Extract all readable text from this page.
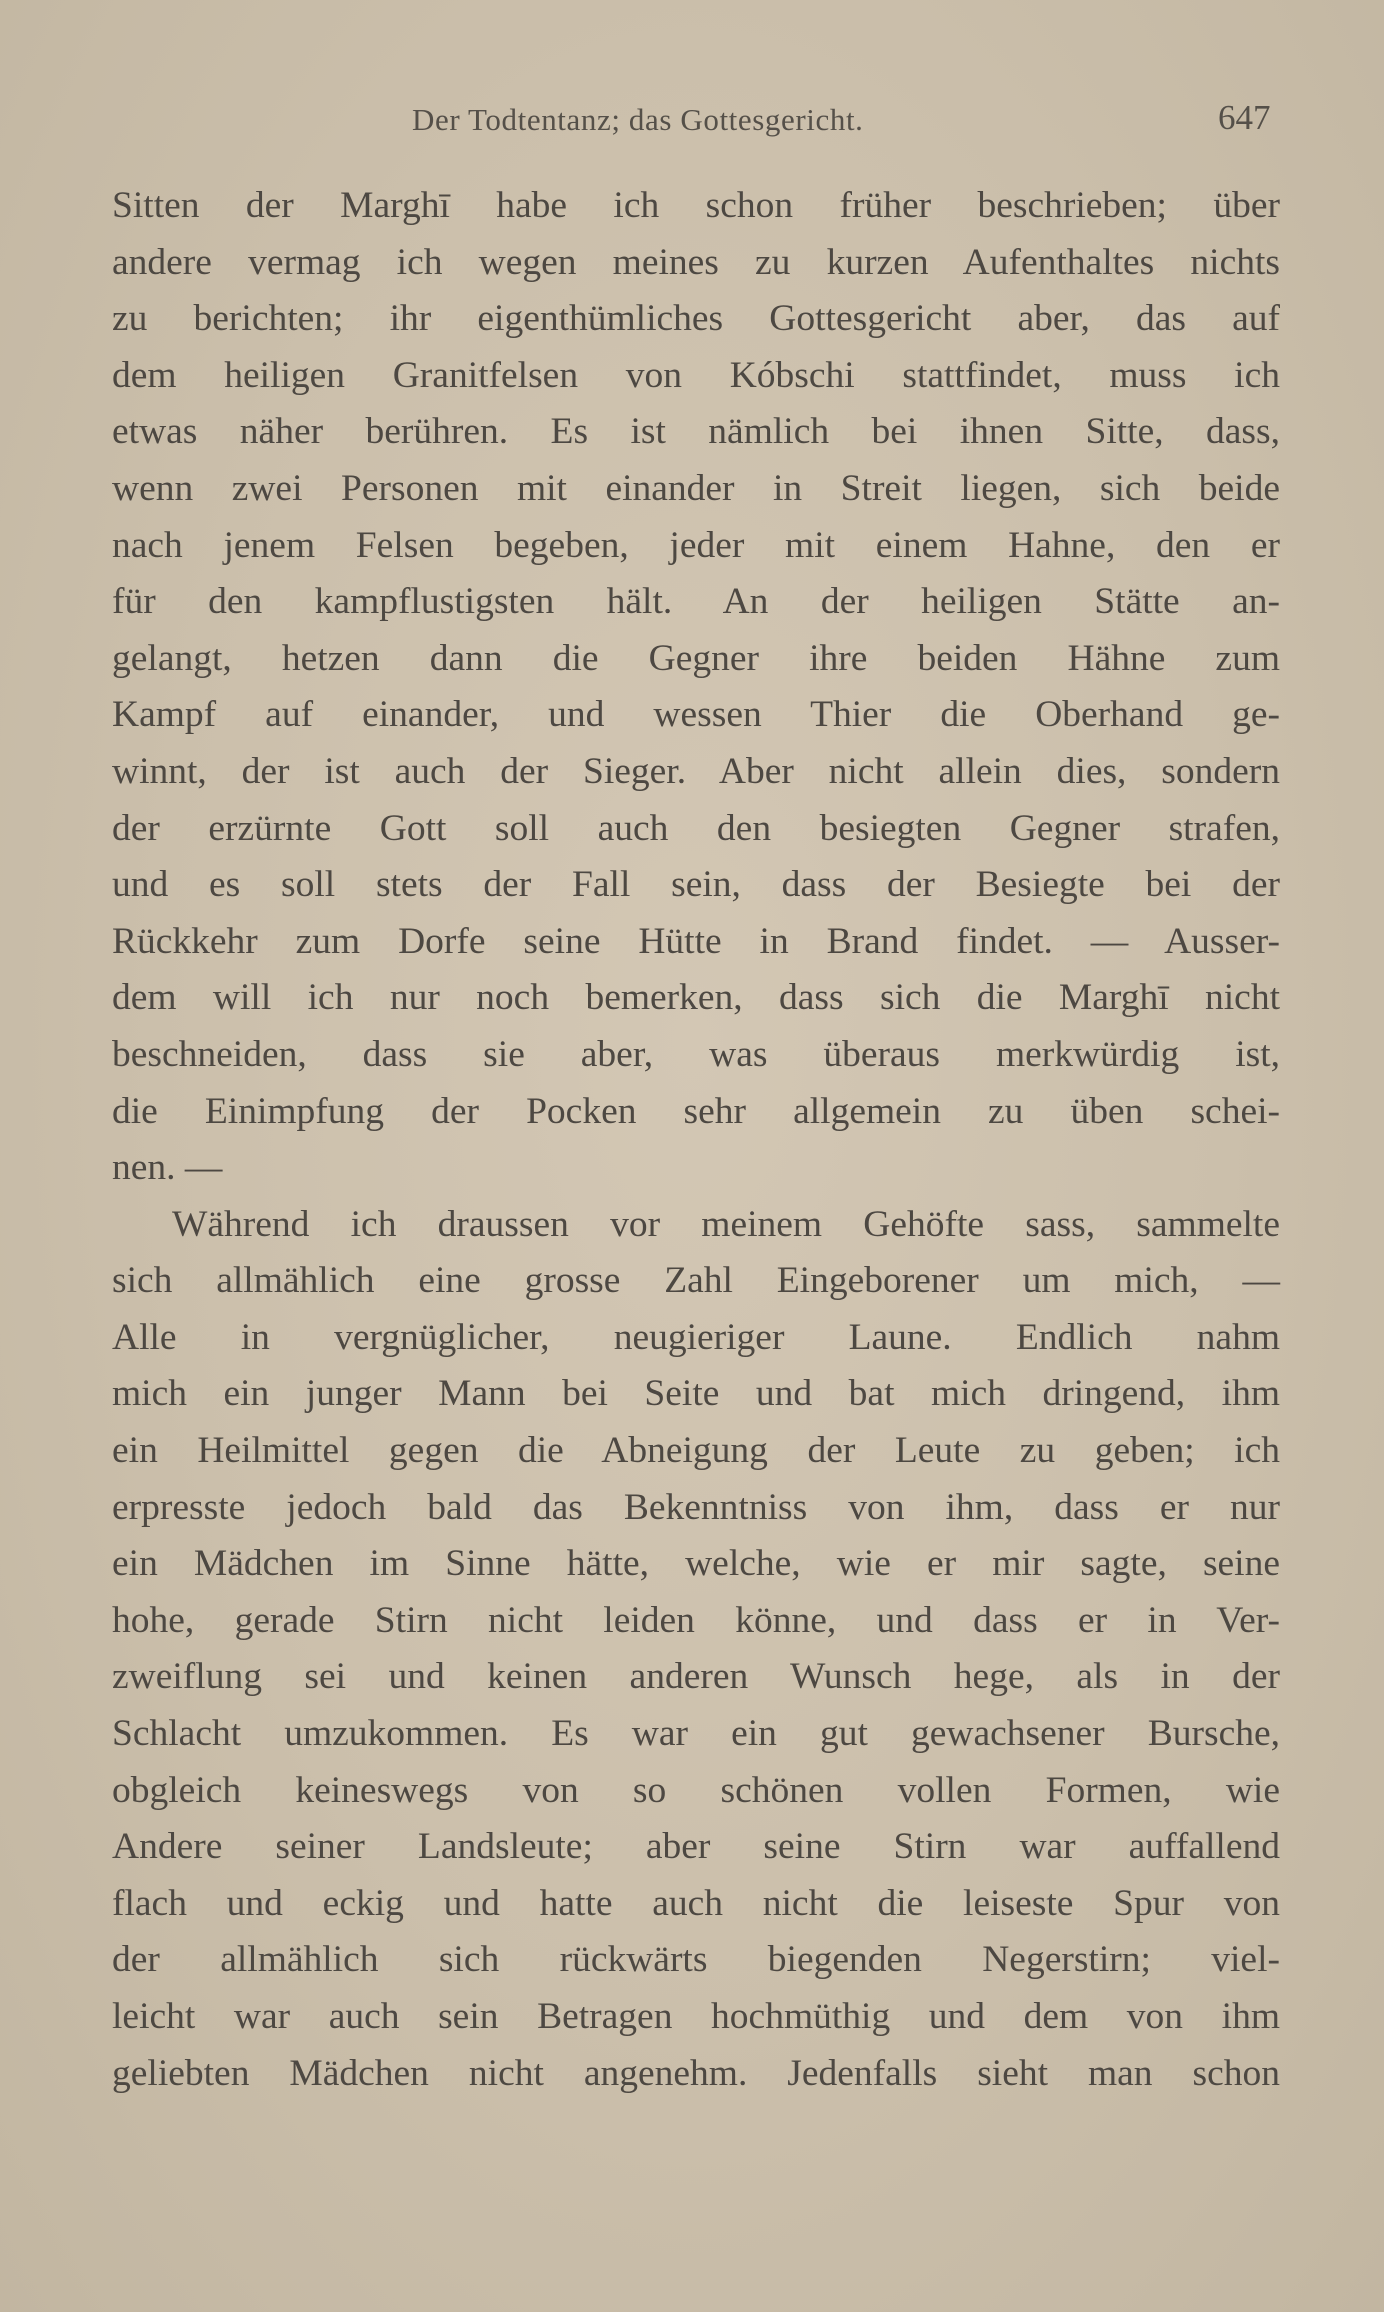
Der Todtentanz; das Gottesgericht.	647
Sitten der Marghī habe ich schon früher beschrieben; über
andere vermag ich wegen meines zu kurzen Aufenthaltes nichts
zu berichten; ihr eigenthümliches Gottesgericht aber, das auf
dem heiligen Granitfelsen von Kóbschi stattfindet, muss ich
etwas näher berühren. Es ist nämlich bei ihnen Sitte, dass,
wenn zwei Personen mit einander in Streit liegen, sich beide
nach jenem Felsen begeben, jeder mit einem Hahne, den er
für den kampflustigsten hält. An der heiligen Stätte an-
gelangt, hetzen dann die Gegner ihre beiden Hähne zum
Kampf auf einander, und wessen Thier die Oberhand ge-
winnt, der ist auch der Sieger. Aber nicht allein dies, sondern
der erzürnte Gott soll auch den besiegten Gegner strafen,
und es soll stets der Fall sein, dass der Besiegte bei der
Rückkehr zum Dorfe seine Hütte in Brand findet. — Ausser-
dem will ich nur noch bemerken, dass sich die Marghī nicht
beschneiden, dass sie aber, was überaus merkwürdig ist,
die Einimpfung der Pocken sehr allgemein zu üben schei-
nen. —
Während ich draussen vor meinem Gehöfte sass, sammelte
sich allmählich eine grosse Zahl Eingeborener um mich, —
Alle in vergnüglicher, neugieriger Laune. Endlich nahm
mich ein junger Mann bei Seite und bat mich dringend, ihm
ein Heilmittel gegen die Abneigung der Leute zu geben; ich
erpresste jedoch bald das Bekenntniss von ihm, dass er nur
ein Mädchen im Sinne hätte, welche, wie er mir sagte, seine
hohe, gerade Stirn nicht leiden könne, und dass er in Ver-
zweiflung sei und keinen anderen Wunsch hege, als in der
Schlacht umzukommen. Es war ein gut gewachsener Bursche,
obgleich keineswegs von so schönen vollen Formen, wie
Andere seiner Landsleute; aber seine Stirn war auffallend
flach und eckig und hatte auch nicht die leiseste Spur von
der allmählich sich rückwärts biegenden Negerstirn; viel-
leicht war auch sein Betragen hochmüthig und dem von ihm
geliebten Mädchen nicht angenehm. Jedenfalls sieht man schon
